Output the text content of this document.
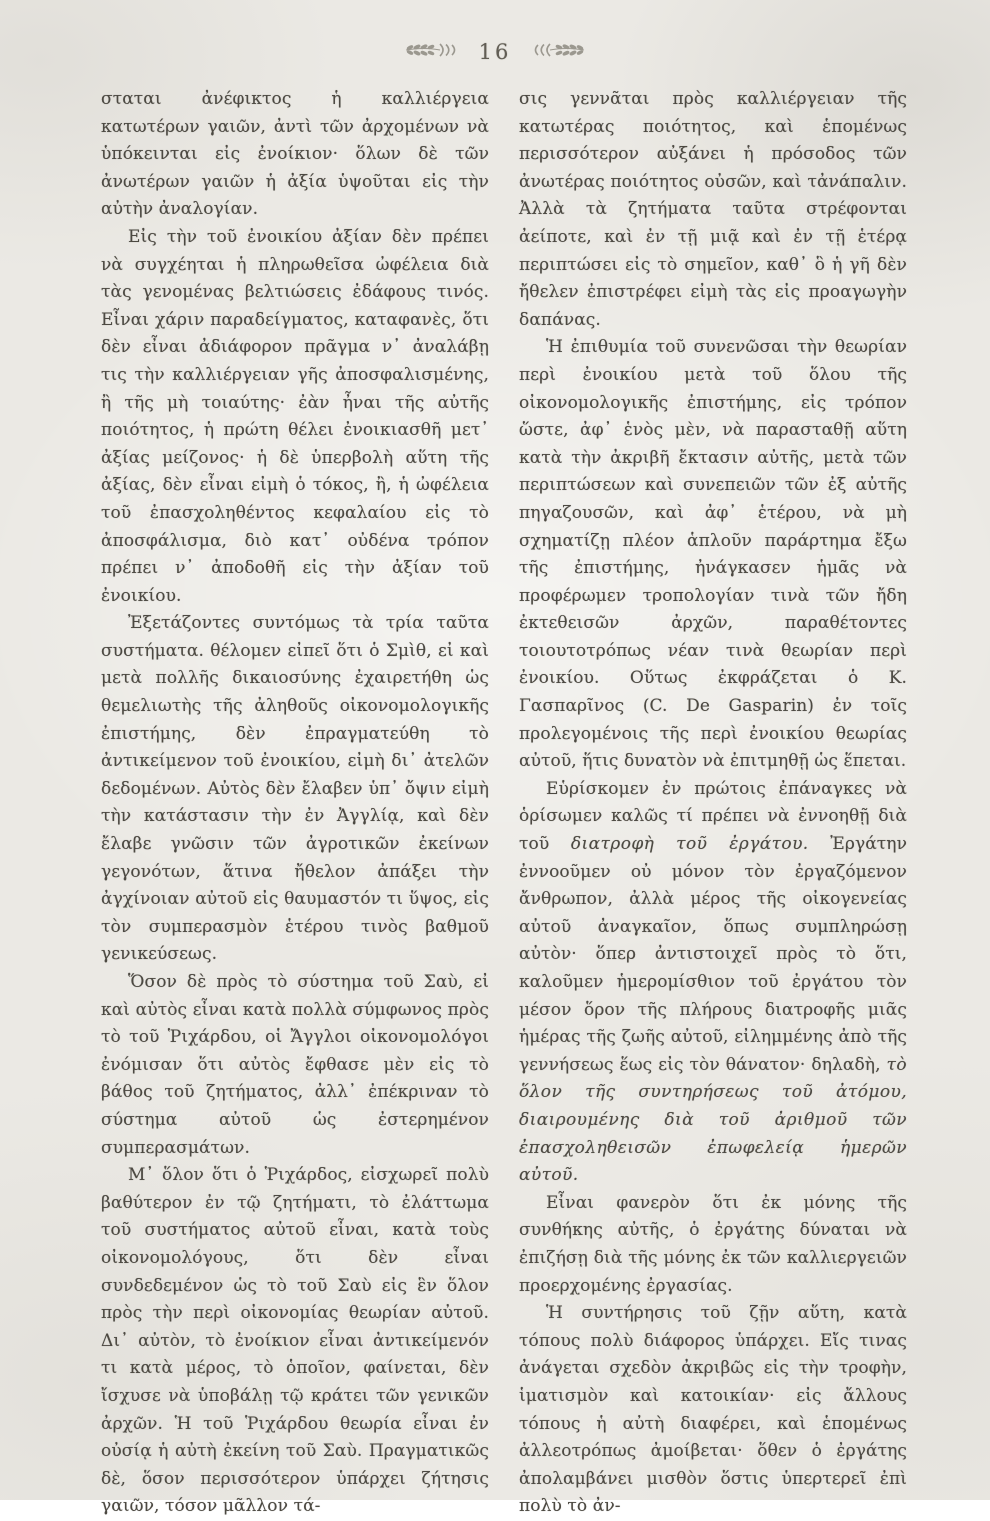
16

σταται ἀνέφικτος ἡ καλλιέργεια κατωτέρων γαιῶν, ἀντὶ τῶν ἀρχομένων νὰ ὑπόκεινται εἰς ἐνοίκιον· ὅλων δὲ τῶν ἀνωτέρων γαιῶν ἡ ἀξία ὑψοῦται εἰς τὴν αὐτὴν ἀναλογίαν.

Εἰς τὴν τοῦ ἐνοικίου ἀξίαν δὲν πρέπει νὰ συγχέηται ἡ πληρωθεῖσα ὠφέλεια διὰ τὰς γενομένας βελτιώσεις ἐδάφους τινός. Εἶναι χάριν παραδείγματος, καταφανὲς, ὅτι δὲν εἶναι ἀδιάφορον πρᾶγμα ν᾽ ἀναλάβῃ τις τὴν καλλιέργειαν γῆς ἀποσφαλισμένης, ἢ τῆς μὴ τοιαύτης· ἐὰν ἦναι τῆς αὐτῆς ποιότητος, ἡ πρώτη θέλει ἐνοικιασθῆ μετ᾽ ἀξίας μείζονος· ἡ δὲ ὑπερβολὴ αὕτη τῆς ἀξίας, δὲν εἶναι εἰμὴ ὁ τόκος, ἢ, ἡ ὠφέλεια τοῦ ἐπασχοληθέντος κεφαλαίου εἰς τὸ ἀποσφάλισμα, διὸ κατ᾽ οὐδένα τρόπον πρέπει ν᾽ ἀποδοθῆ εἰς τὴν ἀξίαν τοῦ ἐνοικίου.

Ἐξετάζοντες συντόμως τὰ τρία ταῦτα συστήματα. θέλομεν εἰπεῖ ὅτι ὁ Σμὶθ, εἰ καὶ μετὰ πολλῆς δικαιοσύνης ἐχαιρετήθη ὡς θεμελιωτὴς τῆς ἀληθοῦς οἰκονομολογικῆς ἐπιστήμης, δὲν ἐπραγματεύθη τὸ ἀντικείμενον τοῦ ἐνοικίου, εἰμὴ δι᾽ ἀτελῶν δεδομένων. Αὐτὸς δὲν ἔλαβεν ὑπ᾽ ὄψιν εἰμὴ τὴν κατάστασιν τὴν ἐν Ἀγγλίᾳ, καὶ δὲν ἔλαβε γνῶσιν τῶν ἀγροτικῶν ἐκείνων γεγονότων, ἅτινα ἤθελον ἀπάξει τὴν ἀγχίνοιαν αὐτοῦ εἰς θαυμαστόν τι ὕψος, εἰς τὸν συμπερασμὸν ἑτέρου τινὸς βαθμοῦ γενικεύσεως.

Ὅσον δὲ πρὸς τὸ σύστημα τοῦ Σαὺ, εἰ καὶ αὐτὸς εἶναι κατὰ πολλὰ σύμφωνος πρὸς τὸ τοῦ Ῥιχάρδου, οἱ Ἄγγλοι οἰκονομολόγοι ἐνόμισαν ὅτι αὐτὸς ἔφθασε μὲν εἰς τὸ βάθος τοῦ ζητήματος, ἀλλ᾽ ἐπέκριναν τὸ σύστημα αὐτοῦ ὡς ἐστερημένον συμπερασμάτων.

Μ᾽ ὅλον ὅτι ὁ Ῥιχάρδος, εἰσχωρεῖ πολὺ βαθύτερον ἐν τῷ ζητήματι, τὸ ἐλάττωμα τοῦ συστήματος αὐτοῦ εἶναι, κατὰ τοὺς οἰκονομολόγους, ὅτι δὲν εἶναι συνδεδεμένον ὡς τὸ τοῦ Σαὺ εἰς ἓν ὅλον πρὸς τὴν περὶ οἰκονομίας θεωρίαν αὐτοῦ. Δι᾽ αὐτὸν, τὸ ἐνοίκιον εἶναι ἀντικείμενόν τι κατὰ μέρος, τὸ ὁποῖον, φαίνεται, δὲν ἴσχυσε νὰ ὑποβάλῃ τῷ κράτει τῶν γενικῶν ἀρχῶν. Ἡ τοῦ Ῥιχάρδου θεωρία εἶναι ἐν οὐσίᾳ ἡ αὐτὴ ἐκείνη τοῦ Σαὺ. Πραγματικῶς δὲ, ὅσον περισσότερον ὑπάρχει ζήτησις γαιῶν, τόσον μᾶλλον τά-

σις γεννᾶται πρὸς καλλιέργειαν τῆς κατωτέρας ποιότητος, καὶ ἑπομένως περισσότερον αὐξάνει ἡ πρόσοδος τῶν ἀνωτέρας ποιότητος οὐσῶν, καὶ τἀνάπαλιν. Ἀλλὰ τὰ ζητήματα ταῦτα στρέφονται ἀείποτε, καὶ ἐν τῇ μιᾷ καὶ ἐν τῇ ἑτέρᾳ περιπτώσει εἰς τὸ σημεῖον, καθ᾽ ὃ ἡ γῆ δὲν ἤθελεν ἐπιστρέφει εἰμὴ τὰς εἰς προαγωγὴν δαπάνας.

Ἡ ἐπιθυμία τοῦ συνενῶσαι τὴν θεωρίαν περὶ ἐνοικίου μετὰ τοῦ ὅλου τῆς οἰκονομολογικῆς ἐπιστήμης, εἰς τρόπον ὥστε, ἀφ᾽ ἑνὸς μὲν, νὰ παρασταθῇ αὕτη κατὰ τὴν ἀκριβῆ ἔκτασιν αὐτῆς, μετὰ τῶν περιπτώσεων καὶ συνεπειῶν τῶν ἐξ αὐτῆς πηγαζουσῶν, καὶ ἀφ᾽ ἑτέρου, νὰ μὴ σχηματίζῃ πλέον ἁπλοῦν παράρτημα ἔξω τῆς ἐπιστήμης, ἠνάγκασεν ἡμᾶς νὰ προφέρωμεν τροπολογίαν τινὰ τῶν ἤδη ἐκτεθεισῶν ἀρχῶν, παραθέτοντες τοιουτοτρόπως νέαν τινὰ θεωρίαν περὶ ἐνοικίου. Οὕτως ἐκφράζεται ὁ Κ. Γασπαρῖνος (C. De Gasparin) ἐν τοῖς προλεγομένοις τῆς περὶ ἐνοικίου θεωρίας αὐτοῦ, ἥτις δυνατὸν νὰ ἐπιτμηθῇ ὡς ἕπεται.

Εὑρίσκομεν ἐν πρώτοις ἐπάναγκες νὰ ὁρίσωμεν καλῶς τί πρέπει νὰ ἐννοηθῇ διὰ τοῦ διατροφὴ τοῦ ἐργάτου. Ἐργάτην ἐννοοῦμεν οὐ μόνον τὸν ἐργαζόμενον ἄνθρωπον, ἀλλὰ μέρος τῆς οἰκογενείας αὐτοῦ ἀναγκαῖον, ὅπως συμπληρώσῃ αὐτὸν· ὅπερ ἀντιστοιχεῖ πρὸς τὸ ὅτι, καλοῦμεν ἡμερομίσθιον τοῦ ἐργάτου τὸν μέσον ὅρον τῆς πλήρους διατροφῆς μιᾶς ἡμέρας τῆς ζωῆς αὐτοῦ, εἰλημμένης ἀπὸ τῆς γεννήσεως ἕως εἰς τὸν θάνατον· δηλαδὴ, τὸ ὅλον τῆς συντηρήσεως τοῦ ἀτόμου, διαιρουμένης διὰ τοῦ ἀριθμοῦ τῶν ἐπασχοληθεισῶν ἐπωφελείᾳ ἡμερῶν αὐτοῦ.

Εἶναι φανερὸν ὅτι ἐκ μόνης τῆς συνθήκης αὐτῆς, ὁ ἐργάτης δύναται νὰ ἐπιζήσῃ διὰ τῆς μόνης ἐκ τῶν καλλιεργειῶν προερχομένης ἐργασίας.

Ἡ συντήρησις τοῦ ζῇν αὕτη, κατὰ τόπους πολὺ διάφορος ὑπάρχει. Εἴς τινας ἀνάγεται σχεδὸν ἀκριβῶς εἰς τὴν τροφὴν, ἱματισμὸν καὶ κατοικίαν· εἰς ἄλλους τόπους ἡ αὐτὴ διαφέρει, καὶ ἑπομένως ἀλλεοτρόπως ἀμοίβεται· ὅθεν ὁ ἐργάτης ἀπολαμβάνει μισθὸν ὅστις ὑπερτερεῖ ἐπὶ πολὺ τὸ ἀν-
